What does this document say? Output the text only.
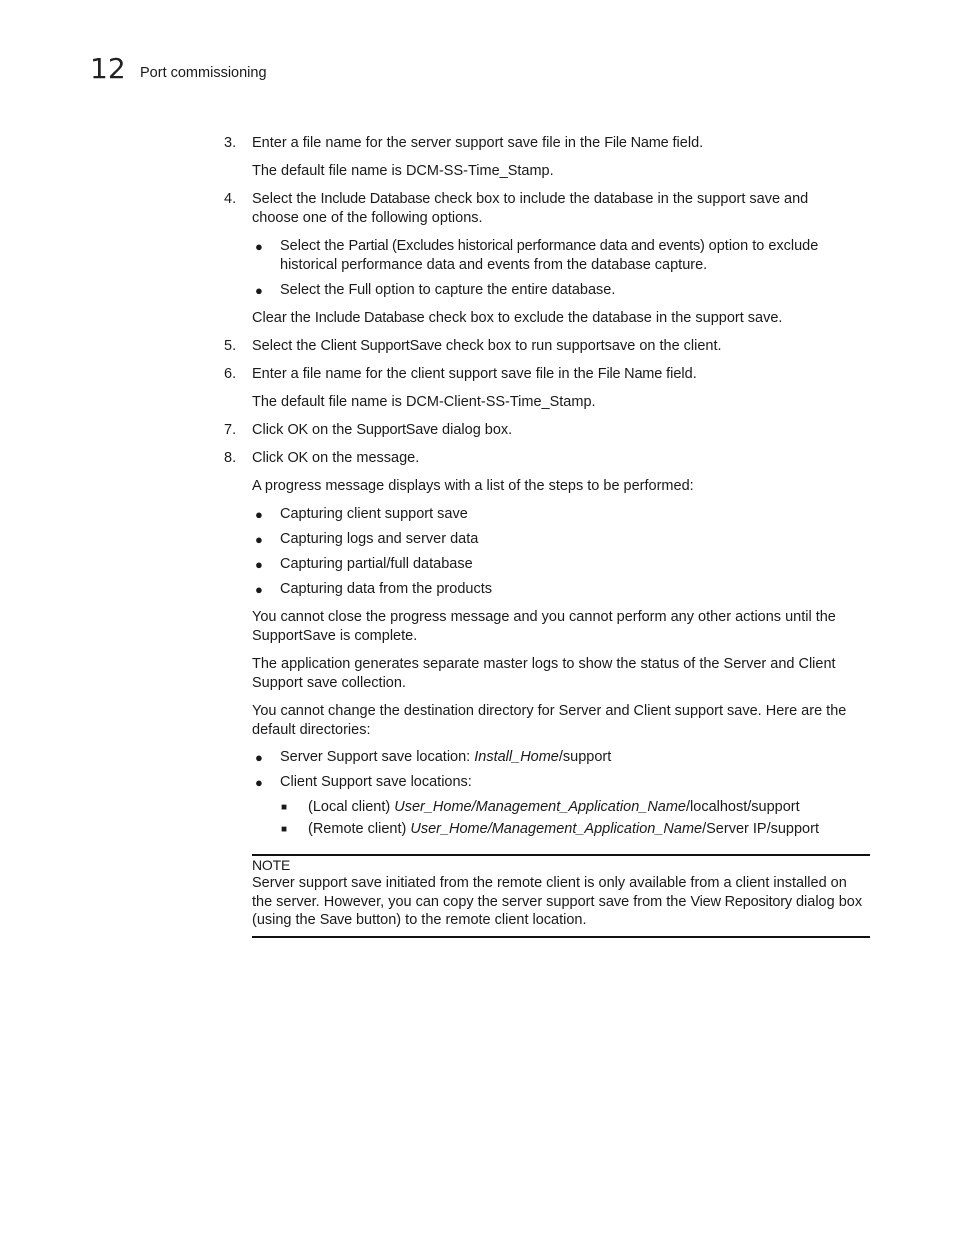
12 Port commissioning
3. Enter a file name for the server support save file in the File Name field.
The default file name is DCM-SS-Time_Stamp.
4. Select the Include Database check box to include the database in the support save and
choose one of the following options.
● Select the Partial (Excludes historical performance data and events) option to exclude
historical performance data and events from the database capture.
● Select the Full option to capture the entire database.
Clear the Include Database check box to exclude the database in the support save.
5. Select the Client SupportSave check box to run supportsave on the client.
6. Enter a file name for the client support save file in the File Name field.
The default file name is DCM-Client-SS-Time_Stamp.
7. Click OK on the SupportSave dialog box.
8. Click OK on the message.
A progress message displays with a list of the steps to be performed:
● Capturing client support save
● Capturing logs and server data
● Capturing partial/full database
● Capturing data from the products
You cannot close the progress message and you cannot perform any other actions until the
SupportSave is complete.
The application generates separate master logs to show the status of the Server and Client
Support save collection.
You cannot change the destination directory for Server and Client support save. Here are the
default directories:
● Server Support save location: Install_Home/support
● Client Support save locations:
■ (Local client) User_Home/Management_Application_Name/localhost/support
■ (Remote client) User_Home/Management_Application_Name/Server IP/support
NOTE
Server support save initiated from the remote client is only available from a client installed on
the server. However, you can copy the server support save from the View Repository dialog box
(using the Save button) to the remote client location.
